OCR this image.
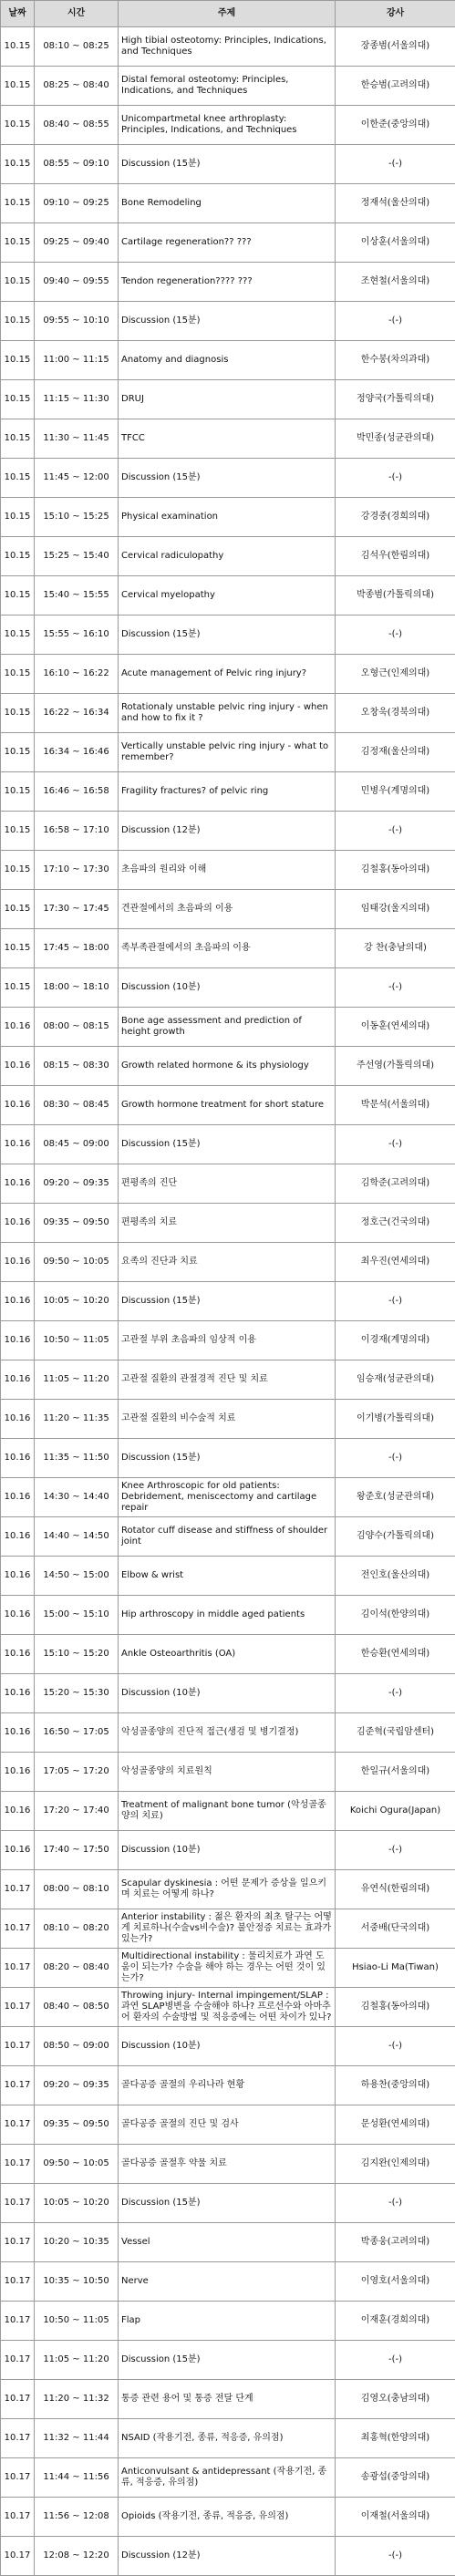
날짜	시간	주제	강사
10.15	08:10 ~ 08:25	High tibial osteotomy: Principles, Indications, and Techniques	장종범(서울의대)
10.15	08:25 ~ 08:40	Distal femoral osteotomy: Principles, Indications, and Techniques	한승범(고려의대)
10.15	08:40 ~ 08:55	Unicompartmetal knee arthroplasty: Principles, Indications, and Techniques	이한준(중앙의대)
10.15	08:55 ~ 09:10	Discussion (15분)	-(-)
10.15	09:10 ~ 09:25	Bone Remodeling	정재석(울산의대)
10.15	09:25 ~ 09:40	Cartilage regeneration?? ???	이상훈(서울의대)
10.15	09:40 ~ 09:55	Tendon regeneration???? ???	조현철(서울의대)
10.15	09:55 ~ 10:10	Discussion (15분)	-(-)
10.15	11:00 ~ 11:15	Anatomy and diagnosis	한수봉(차의과대)
10.15	11:15 ~ 11:30	DRUJ	정양국(가톨릭의대)
10.15	11:30 ~ 11:45	TFCC	박민종(성균관의대)
10.15	11:45 ~ 12:00	Discussion (15분)	-(-)
10.15	15:10 ~ 15:25	Physical examination	강경중(경희의대)
10.15	15:25 ~ 15:40	Cervical radiculopathy	김석우(한림의대)
10.15	15:40 ~ 15:55	Cervical myelopathy	박종범(가톨릭의대)
10.15	15:55 ~ 16:10	Discussion (15분)	-(-)
10.15	16:10 ~ 16:22	Acute management of Pelvic ring injury?	오형근(인제의대)
10.15	16:22 ~ 16:34	Rotationaly unstable pelvic ring injury - when and how to fix it ?	오창욱(경북의대)
10.15	16:34 ~ 16:46	Vertically unstable pelvic ring injury - what to remember?	김정재(울산의대)
10.15	16:46 ~ 16:58	Fragility fractures? of pelvic ring	민병우(계명의대)
10.15	16:58 ~ 17:10	Discussion (12분)	-(-)
10.15	17:10 ~ 17:30	초음파의 원리와 이해	김철홍(동아의대)
10.15	17:30 ~ 17:45	견관절에서의 초음파의 이용	임태강(울지의대)
10.15	17:45 ~ 18:00	족부족관절에서의 초음파의 이용	강 찬(충남의대)
10.15	18:00 ~ 18:10	Discussion (10분)	-(-)
10.16	08:00 ~ 08:15	Bone age assessment and prediction of height growth	이동훈(연세의대)
10.16	08:15 ~ 08:30	Growth related hormone & its physiology	주선영(가톨릭의대)
10.16	08:30 ~ 08:45	Growth hormone treatment for short stature	박문석(서울의대)
10.16	08:45 ~ 09:00	Discussion (15분)	-(-)
10.16	09:20 ~ 09:35	편평족의 진단	김학준(고려의대)
10.16	09:35 ~ 09:50	편평족의 치료	정호근(건국의대)
10.16	09:50 ~ 10:05	요족의 진단과 치료	최우진(연세의대)
10.16	10:05 ~ 10:20	Discussion (15분)	-(-)
10.16	10:50 ~ 11:05	고관절 부위 초음파의 임상적 이용	이경재(계명의대)
10.16	11:05 ~ 11:20	고관절 질환의 관절경적 진단 및 치료	임승재(성균관의대)
10.16	11:20 ~ 11:35	고관절 질환의 비수술적 치료	이기병(가톨릭의대)
10.16	11:35 ~ 11:50	Discussion (15분)	-(-)
10.16	14:30 ~ 14:40	Knee Arthroscopic for old patients: Debridement, meniscectomy and cartilage repair	왕준호(성균관의대)
10.16	14:40 ~ 14:50	Rotator cuff disease and stiffness of shoulder joint	김양수(가톨릭의대)
10.16	14:50 ~ 15:00	Elbow & wrist	전인호(울산의대)
10.16	15:00 ~ 15:10	Hip arthroscopy in middle aged patients	김이석(한양의대)
10.16	15:10 ~ 15:20	Ankle Osteoarthritis (OA)	한승환(연세의대)
10.16	15:20 ~ 15:30	Discussion (10분)	-(-)
10.16	16:50 ~ 17:05	악성골종양의 진단적 접근(생검 및 병기결정)	김준혁(국립암센터)
10.16	17:05 ~ 17:20	악성골종양의 치료원칙	한일규(서울의대)
10.16	17:20 ~ 17:40	Treatment of malignant bone tumor (악성골종양의 치료)	Koichi Ogura(Japan)
10.16	17:40 ~ 17:50	Discussion (10분)	-(-)
10.17	08:00 ~ 08:10	Scapular dyskinesia : 어떤 문제가 증상을 일으키며 치료는 어떻게 하나?	유연식(한림의대)
10.17	08:10 ~ 08:20	Anterior instability : 젊은 환자의 최초 탈구는 어떻게 치료하나(수술vs비수술)? 불안정증 치료는 효과가 있는가?	서중배(단국의대)
10.17	08:20 ~ 08:40	Multidirectional instability : 물리치료가 과연 도움이 되는가? 수술을 해야 하는 경우는 어떤 것이 있는가?	Hsiao-Li Ma(Tiwan)
10.17	08:40 ~ 08:50	Throwing injury- Internal impingement/SLAP : 과연 SLAP병변을 수술해야 하나? 프로선수와 아마추어 환자의 수술방법 및 적응증에는 어떤 차이가 있나?	김철홍(동아의대)
10.17	08:50 ~ 09:00	Discussion (10분)	-(-)
10.17	09:20 ~ 09:35	골다공증 골절의 우리나라 현황	하용찬(중앙의대)
10.17	09:35 ~ 09:50	골다공증 골절의 진단 및 검사	문성환(연세의대)
10.17	09:50 ~ 10:05	골다공증 골절후 약물 치료	김지완(인제의대)
10.17	10:05 ~ 10:20	Discussion (15분)	-(-)
10.17	10:20 ~ 10:35	Vessel	박종웅(고려의대)
10.17	10:35 ~ 10:50	Nerve	이영호(서울의대)
10.17	10:50 ~ 11:05	Flap	이재훈(경희의대)
10.17	11:05 ~ 11:20	Discussion (15분)	-(-)
10.17	11:20 ~ 11:32	통증 관련 용어 및 통증 전달 단계	김영오(충남의대)
10.17	11:32 ~ 11:44	NSAID (작용기전, 종류, 적응증, 유의점)	최홍혁(한양의대)
10.17	11:44 ~ 11:56	Anticonvulsant & antidepressant (작용기전, 종류, 적응증, 유의점)	송광섭(중앙의대)
10.17	11:56 ~ 12:08	Opioids (작용기전, 종류, 적응증, 유의점)	이재철(서울의대)
10.17	12:08 ~ 12:20	Discussion (12분)	-(-)
